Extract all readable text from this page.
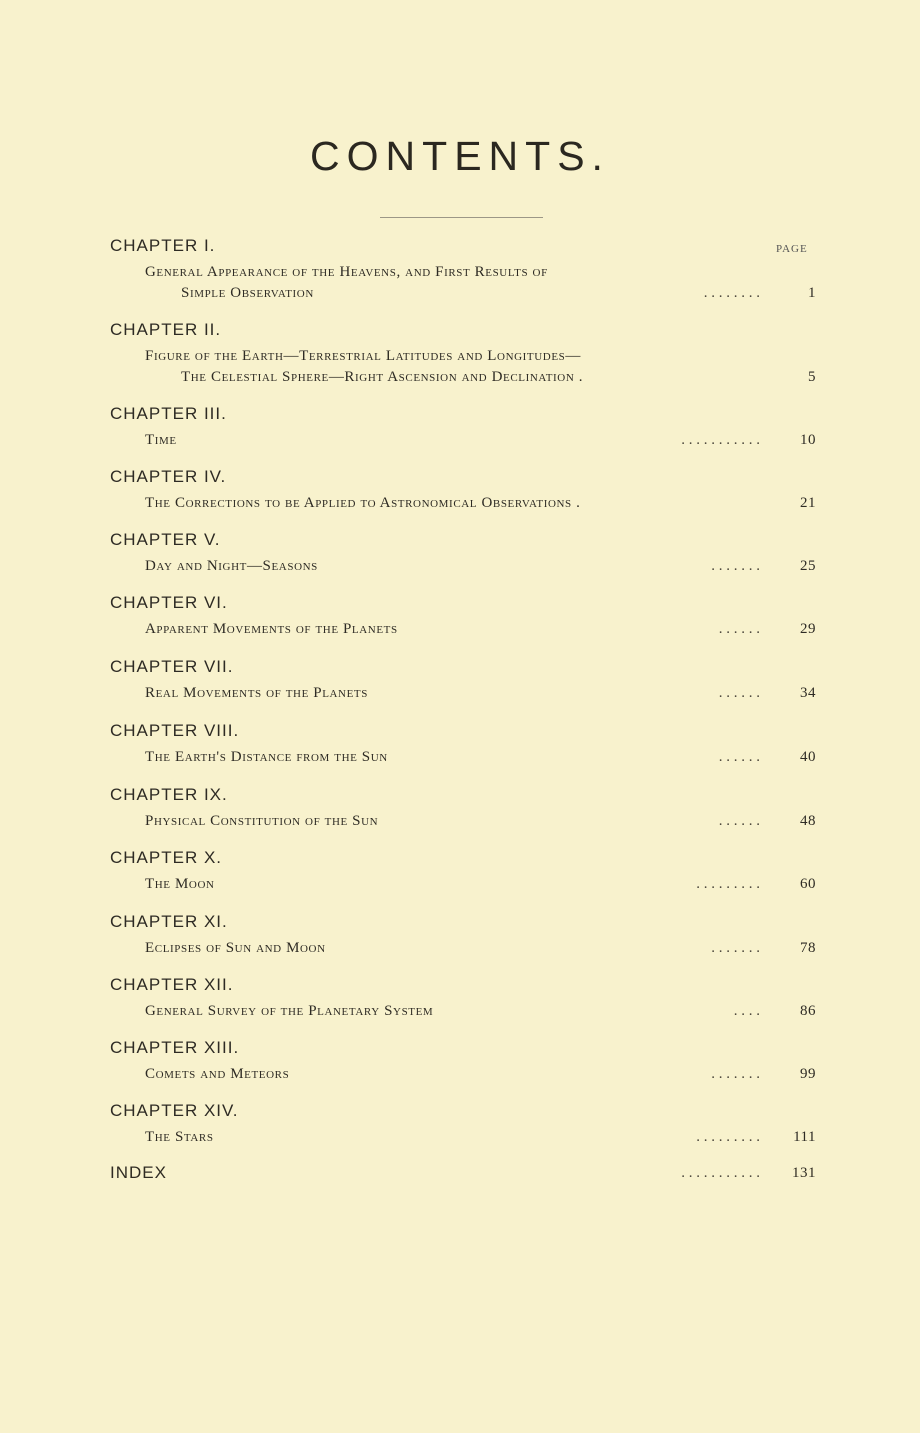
CONTENTS.
PAGE
CHAPTER I.
General Appearance of the Heavens, and First Results of
Simple Observation	. . . . . . . .	1
CHAPTER II.
Figure of the Earth—Terrestrial Latitudes and Longitudes—
The Celestial Sphere—Right Ascension and Declination .	5
CHAPTER III.
Time	. . . . . . . . . . .	10
CHAPTER IV.
The Corrections to be Applied to Astronomical Observations .	21
CHAPTER V.
Day and Night—Seasons	. . . . . . .	25
CHAPTER VI.
Apparent Movements of the Planets	. . . . . .	29
CHAPTER VII.
Real Movements of the Planets	. . . . . .	34
CHAPTER VIII.
The Earth's Distance from the Sun	. . . . . .	40
CHAPTER IX.
Physical Constitution of the Sun	. . . . . .	48
CHAPTER X.
The Moon	. . . . . . . . .	60
CHAPTER XI.
Eclipses of Sun and Moon	. . . . . . .	78
CHAPTER XII.
General Survey of the Planetary System	. . . .	86
CHAPTER XIII.
Comets and Meteors	. . . . . . .	99
CHAPTER XIV.
The Stars	. . . . . . . . .	111
INDEX	. . . . . . . . . . .	131
